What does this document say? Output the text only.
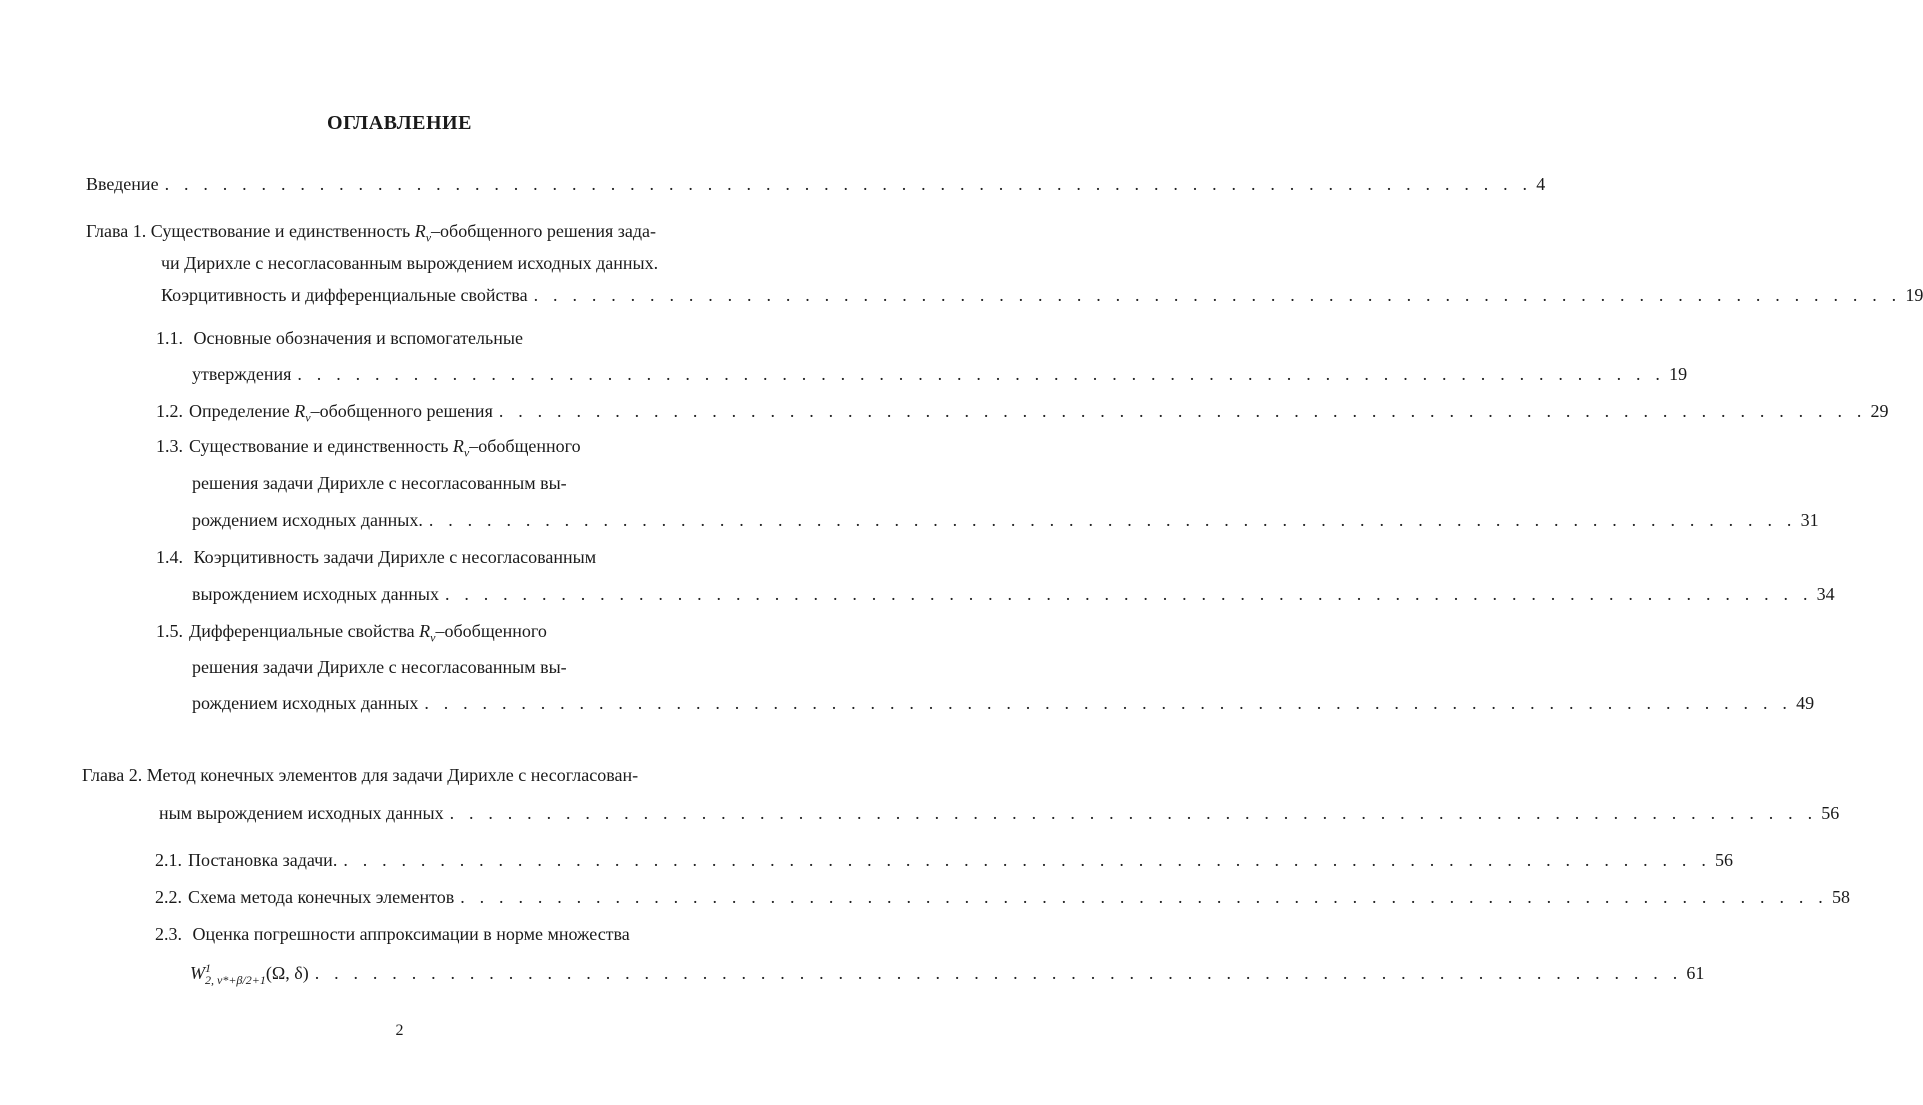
ОГЛАВЛЕНИЕ
Введение . . . . . . . . . . . . . . . . . . . . . . . . . . . . . . . . . . . . . . . . . . . . . . . . . . . . . . . . . . . . . . . . . . . . . . . 4
Глава 1. Существование и единственность $R_\nu$–обобщенного решения зада-
чи Дирихле с несогласованным вырождением исходных данных.
Коэрцитивность и дифференциальные свойства . . . . . . . . . . . . . . . . . . . . . . . . . . . . . . . . . . . . . . . . . . . . . . . . . . . . . . . . . . . . . . . . . . . . . . . 19
1.1. Основные обозначения и вспомогательные
утверждения . . . . . . . . . . . . . . . . . . . . . . . . . . . . . . . . . . . . . . . . . . . . . . . . . . . . . . . . . . . . . . . . . . . . . . . 19
1.2. Определение $R_\nu$–обобщенного решения . . . . . . . . . . . . . . . . . . . . . . . . . . . . . . . . . . . . . . . . . . . . . . . . . . . . . . . . . . . . . . . . . . . . . . . 29
1.3. Существование и единственность $R_\nu$–обобщенного
решения задачи Дирихле с несогласованным вы-
рождением исходных данных. . . . . . . . . . . . . . . . . . . . . . . . . . . . . . . . . . . . . . . . . . . . . . . . . . . . . . . . . . . . . . . . . . . . . . . . 31
1.4. Коэрцитивность задачи Дирихле с несогласованным
вырождением исходных данных . . . . . . . . . . . . . . . . . . . . . . . . . . . . . . . . . . . . . . . . . . . . . . . . . . . . . . . . . . . . . . . . . . . . . . . 34
1.5. Дифференциальные свойства $R_\nu$–обобщенного
решения задачи Дирихле с несогласованным вы-
рождением исходных данных . . . . . . . . . . . . . . . . . . . . . . . . . . . . . . . . . . . . . . . . . . . . . . . . . . . . . . . . . . . . . . . . . . . . . . . 49
Глава 2. Метод конечных элементов для задачи Дирихле с несогласован-
ным вырождением исходных данных . . . . . . . . . . . . . . . . . . . . . . . . . . . . . . . . . . . . . . . . . . . . . . . . . . . . . . . . . . . . . . . . . . . . . . . 56
2.1. Постановка задачи. . . . . . . . . . . . . . . . . . . . . . . . . . . . . . . . . . . . . . . . . . . . . . . . . . . . . . . . . . . . . . . . . . . . . . . . 56
2.2. Схема метода конечных элементов . . . . . . . . . . . . . . . . . . . . . . . . . . . . . . . . . . . . . . . . . . . . . . . . . . . . . . . . . . . . . . . . . . . . . . . 58
2.3. Оценка погрешности аппроксимации в норме множества
$W^1_{2, \nu*+\beta/2+1}(\Omega$, δ) . . . . . . . . . . . . . . . . . . . . . . . . . . . . . . . . . . . . . . . . . . . . . . . . . . . . . . . . . . . . . . . . . . . . . . . 61
2
